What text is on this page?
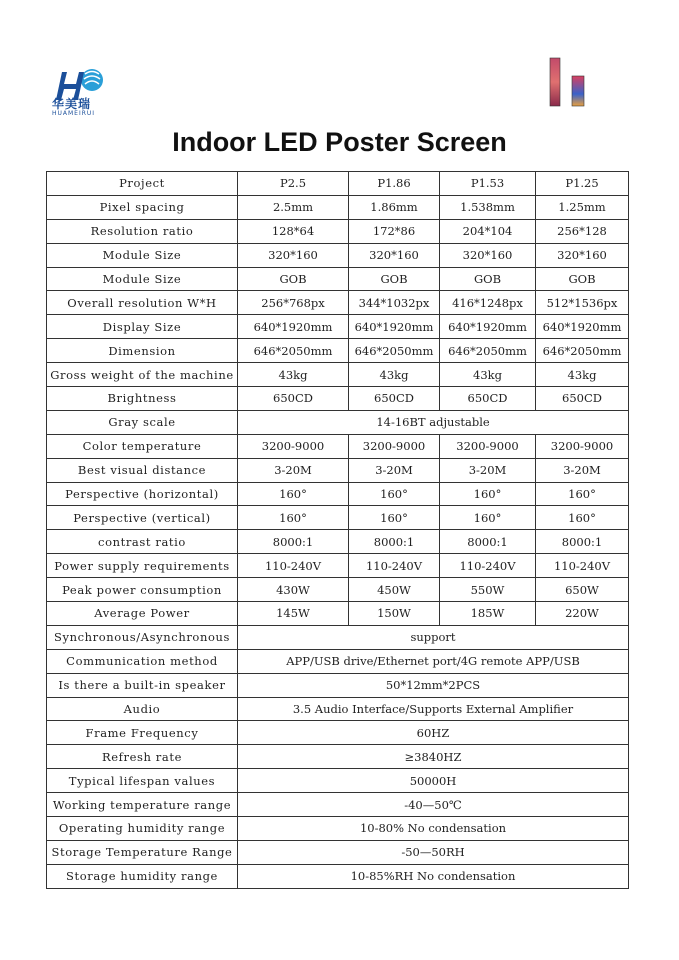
华美瑞
HUAMEIRUI
Indoor LED Poster Screen
Project	P2.5	P1.86	P1.53	P1.25
Pixel spacing	2.5mm	1.86mm	1.538mm	1.25mm
Resolution ratio	128*64	172*86	204*104	256*128
Module Size	320*160	320*160	320*160	320*160
Module Size	GOB	GOB	GOB	GOB
Overall resolution W*H	256*768px	344*1032px	416*1248px	512*1536px
Display Size	640*1920mm	640*1920mm	640*1920mm	640*1920mm
Dimension	646*2050mm	646*2050mm	646*2050mm	646*2050mm
Gross weight of the machine	43kg	43kg	43kg	43kg
Brightness	650CD	650CD	650CD	650CD
Gray scale	14-16BT adjustable			
Color temperature	3200-9000	3200-9000	3200-9000	3200-9000
Best visual distance	3-20M	3-20M	3-20M	3-20M
Perspective (horizontal)	160°	160°	160°	160°
Perspective (vertical)	160°	160°	160°	160°
contrast ratio	8000:1	8000:1	8000:1	8000:1
Power supply requirements	110-240V	110-240V	110-240V	110-240V
Peak power consumption	430W	450W	550W	650W
Average Power	145W	150W	185W	220W
Synchronous/Asynchronous	support			
Communication method	APP/USB drive/Ethernet port/4G remote APP/USB			
Is there a built-in speaker	50*12mm*2PCS			
Audio	3.5 Audio Interface/Supports External Amplifier			
Frame Frequency	60HZ			
Refresh rate	≥3840HZ			
Typical lifespan values	50000H			
Working temperature range	-40—50℃			
Operating humidity range	10-80% No condensation			
Storage Temperature Range	-50—50RH			
Storage humidity range	10-85%RH No condensation			
